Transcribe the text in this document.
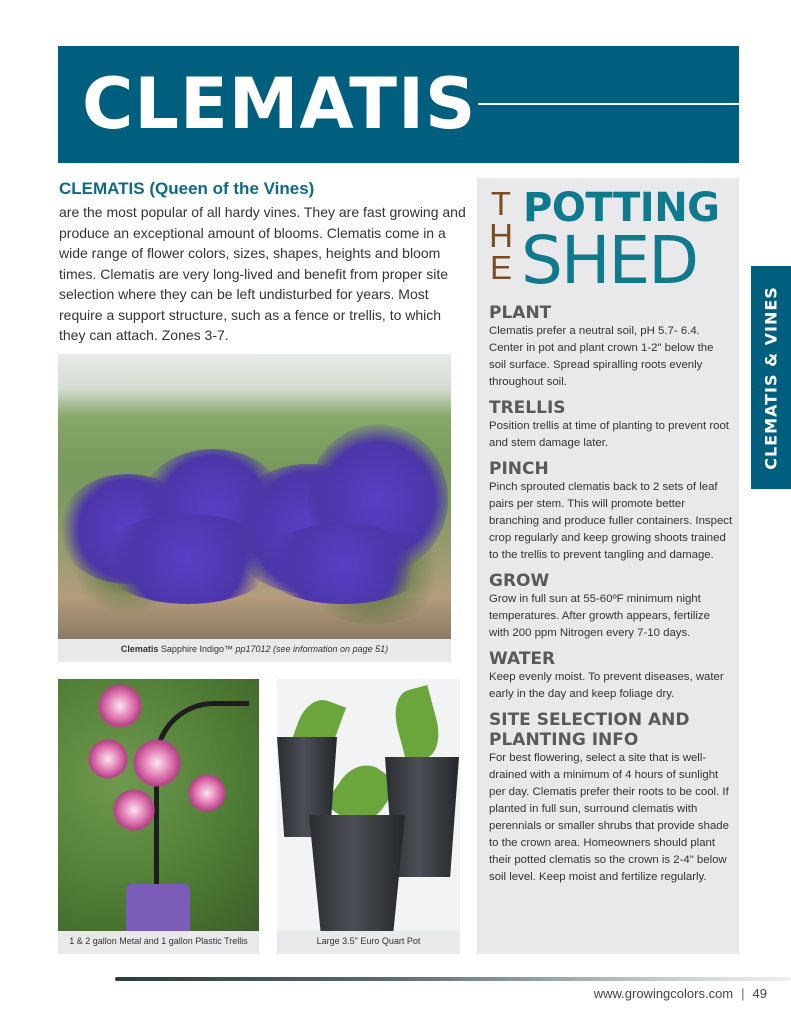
CLEMATIS
CLEMATIS (Queen of the Vines)
are the most popular of all hardy vines. They are fast growing and produce an exceptional amount of blooms. Clematis come in a wide range of flower colors, sizes, shapes, heights and bloom times. Clematis are very long-lived and benefit from proper site selection where they can be left undisturbed for years. Most require a support structure, such as a fence or trellis, to which they can attach. Zones 3-7.
Clematis Sapphire Indigo™ pp17012 (see information on page 51)
1 & 2 gallon Metal and 1 gallon Plastic Trellis	Large 3.5" Euro Quart Pot
T
H
E
POTTING
SHED

PLANT

Clematis prefer a neutral soil, pH 5.7- 6.4. Center in pot and plant crown 1-2" below the soil surface. Spread spiralling roots evenly throughout soil.

TRELLIS

Position trellis at time of planting to prevent root and stem damage later.

PINCH

Pinch sprouted clematis back to 2 sets of leaf pairs per stem. This will promote better branching and produce fuller containers. Inspect crop regularly and keep growing shoots trained to the trellis to prevent tangling and damage.

GROW

Grow in full sun at 55-60ºF minimum night temperatures. After growth appears, fertilize with 200 ppm Nitrogen every 7-10 days.

WATER

Keep evenly moist. To prevent diseases, water early in the day and keep foliage dry.

SITE SELECTION AND PLANTING INFO

For best flowering, select a site that is well-drained with a minimum of 4 hours of sunlight per day. Clematis prefer their roots to be cool. If planted in full sun, surround clematis with perennials or smaller shrubs that provide shade to the crown area. Homeowners should plant their potted clematis so the crown is 2-4" below soil level. Keep moist and fertilize regularly.

CLEMATIS & VINES
www.growingcolors.com | 49
